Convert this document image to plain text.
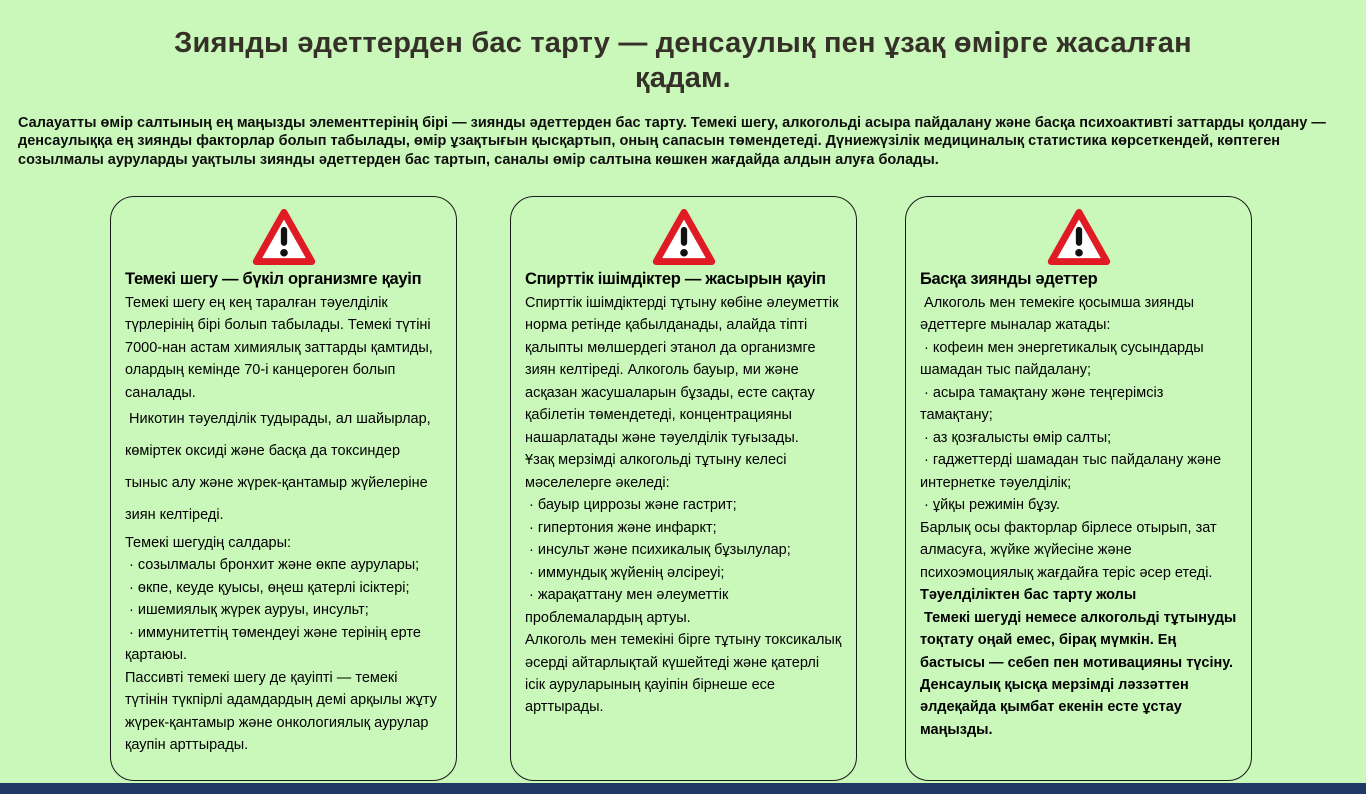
Зиянды әдеттерден бас тарту — денсаулық пен ұзақ өмірге жасалған қадам.

Салауатты өмір салтының ең маңызды элементтерінің бірі — зиянды әдеттерден бас тарту. Темекі шегу, алкогольді асыра пайдалану және басқа психоактивті заттарды қолдану — денсаулыққа ең зиянды факторлар болып табылады, өмір ұзақтығын қысқартып, оның сапасын төмендетеді. Дүниежүзілік медициналық статистика көрсеткендей, көптеген созылмалы ауруларды уақтылы зиянды әдеттерден бас тартып, саналы өмір салтына көшкен жағдайда алдын алуға болады.

Темекі шегу — бүкіл организмге қауіп

Темекі шегу ең кең таралған тәуелділік түрлерінің бірі болып табылады. Темекі түтіні 7000-нан астам химиялық заттарды қамтиды, олардың кемінде 70-і канцероген болып саналады.

Никотин тәуелділік тудырады, ал шайырлар, көміртек оксиді және басқа да токсиндер тыныс алу және жүрек-қантамыр жүйелеріне зиян келтіреді.

Темекі шегудің салдары:

· созылмалы бронхит және өкпе аурулары;

· өкпе, кеуде қуысы, өңеш қатерлі ісіктері;

· ишемиялық жүрек ауруы, инсульт;

· иммунитеттің төмендеуі және терінің ерте қартаюы.

Пассивті темекі шегу де қауіпті — темекі түтінін түкпірлі адамдардың демі арқылы жұту жүрек-қантамыр және онкологиялық аурулар қаупін арттырады.

Спирттік ішімдіктер — жасырын қауіп

Спирттік ішімдіктерді тұтыну көбіне әлеуметтік норма ретінде қабылданады, алайда тіпті қалыпты мөлшердегі этанол да организмге зиян келтіреді. Алкоголь бауыр, ми және асқазан жасушаларын бұзады, есте сақтау қабілетін төмендетеді, концентрацияны нашарлатады және тәуелділік туғызады.

Ұзақ мерзімді алкогольді тұтыну келесі мәселелерге әкеледі:

· бауыр циррозы және гастрит;

· гипертония және инфаркт;

· инсульт және психикалық бұзылулар;

· иммундық жүйенің әлсіреуі;

· жарақаттану мен әлеуметтік проблемалардың артуы.

Алкоголь мен темекіні бірге тұтыну токсикалық әсерді айтарлықтай күшейтеді және қатерлі ісік ауруларының қауіпін бірнеше есе арттырады.

Басқа зиянды әдеттер

Алкоголь мен темекіге қосымша зиянды әдеттерге мыналар жатады:

· кофеин мен энергетикалық сусындарды шамадан тыс пайдалану;

· асыра тамақтану және теңгерімсіз тамақтану;

· аз қозғалысты өмір салты;

· гаджеттерді шамадан тыс пайдалану және интернетке тәуелділік;

· ұйқы режимін бұзу.

Барлық осы факторлар бірлесе отырып, зат алмасуға, жүйке жүйесіне және психоэмоциялық жағдайға теріс әсер етеді.

Тәуелділіктен бас тарту жолы

Темекі шегуді немесе алкогольді тұтынуды тоқтату оңай емес, бірақ мүмкін. Ең бастысы — себеп пен мотивацияны түсіну. Денсаулық қысқа мерзімді ләззәттен әлдеқайда қымбат екенін есте ұстау маңызды.
